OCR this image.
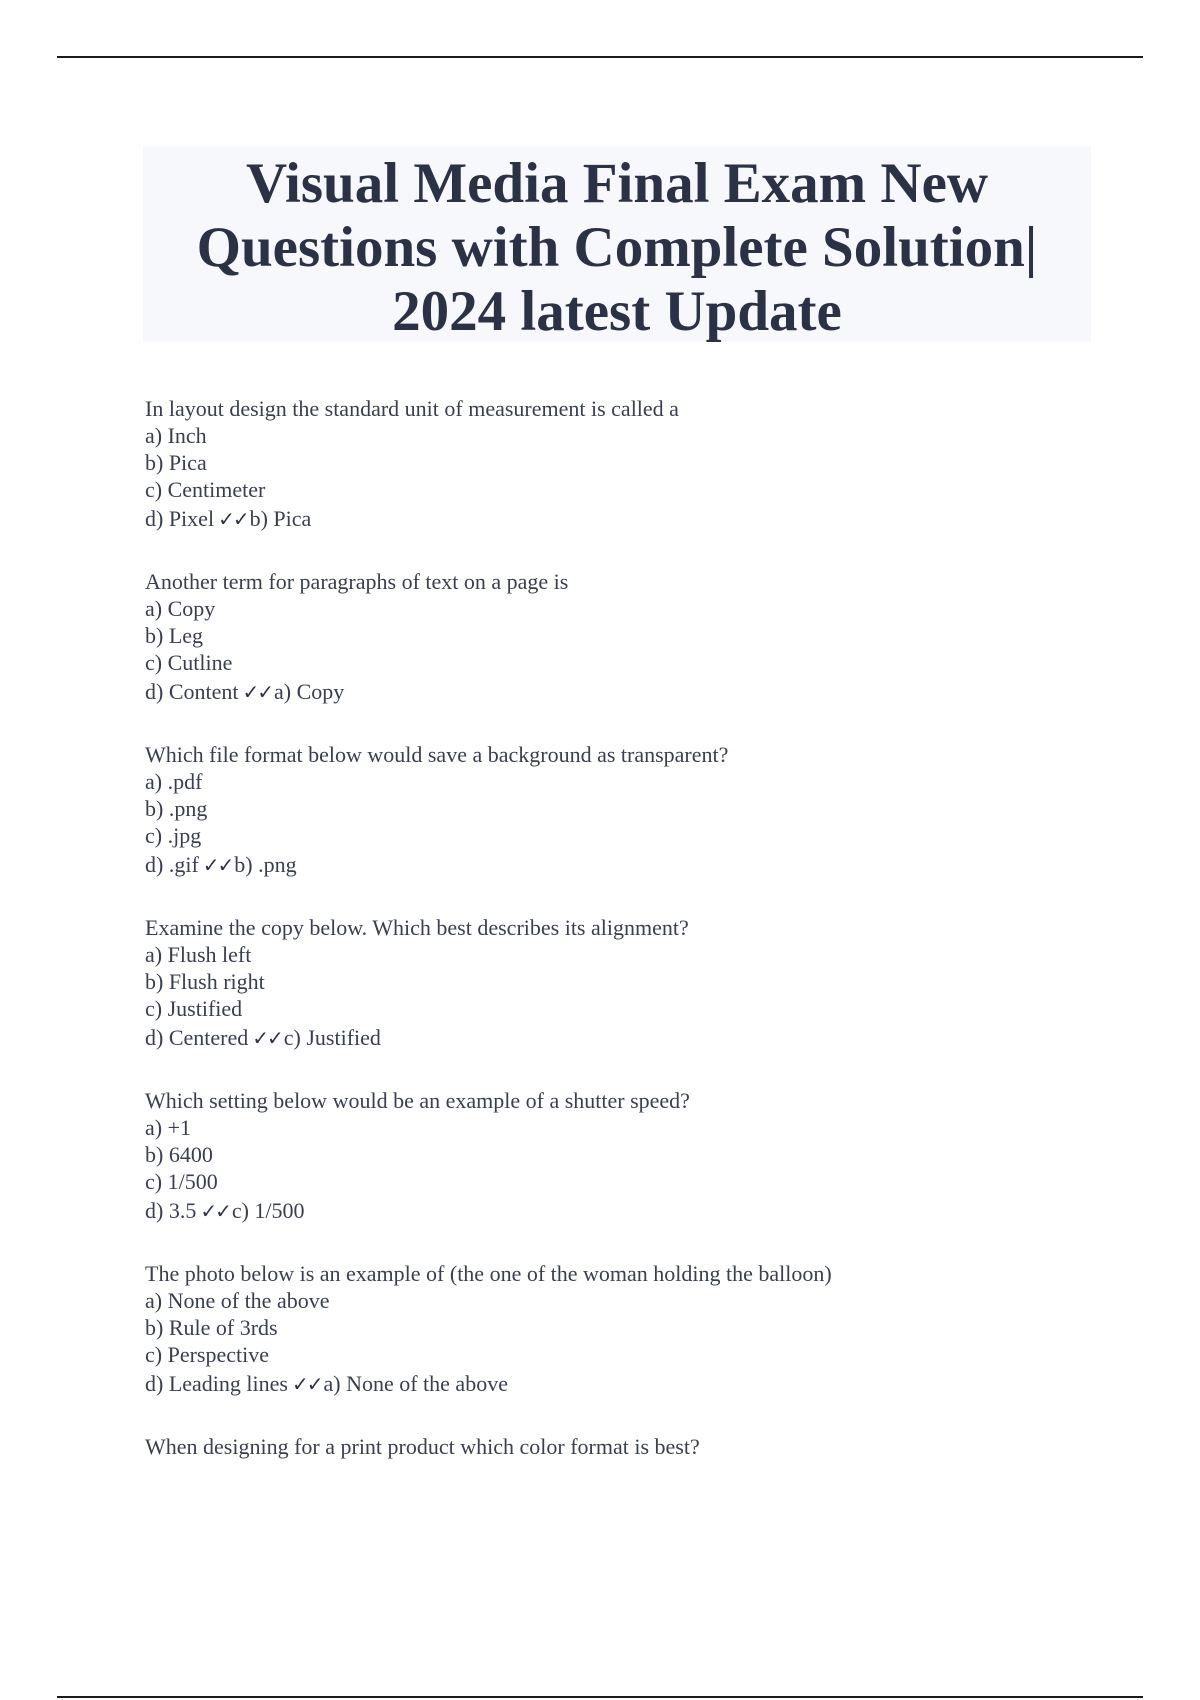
Visual Media Final Exam New
Questions with Complete Solution|
2024 latest Update
In layout design the standard unit of measurement is called a
a) Inch
b) Pica
c) Centimeter
d) Pixel ✓✓b) Pica
Another term for paragraphs of text on a page is
a) Copy
b) Leg
c) Cutline
d) Content ✓✓a) Copy
Which file format below would save a background as transparent?
a) .pdf
b) .png
c) .jpg
d) .gif ✓✓b) .png
Examine the copy below. Which best describes its alignment?
a) Flush left
b) Flush right
c) Justified
d) Centered ✓✓c) Justified
Which setting below would be an example of a shutter speed?
a) +1
b) 6400
c) 1/500
d) 3.5 ✓✓c) 1/500
The photo below is an example of (the one of the woman holding the balloon)
a) None of the above
b) Rule of 3rds
c) Perspective
d) Leading lines ✓✓a) None of the above
When designing for a print product which color format is best?
